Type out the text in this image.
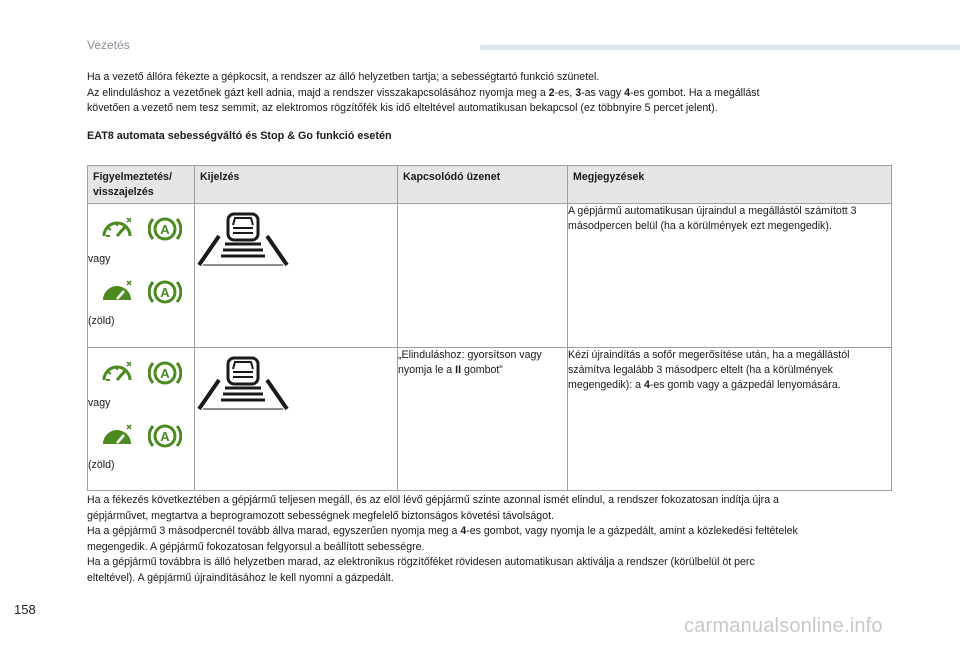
Vezetés

Ha a vezető állóra fékezte a gépkocsit, a rendszer az álló helyzetben tartja; a sebességtartó funkció szünetel.
Az elinduláshoz a vezetőnek gázt kell adnia, majd a rendszer visszakapcsolásához nyomja meg a 2-es, 3-as vagy 4-es gombot. Ha a megállást
követően a vezető nem tesz semmit, az elektromos rögzítőfék kis idő elteltével automatikusan bekapcsol (ez többnyire 5 percet jelent).

EAT8 automata sebességváltó és Stop & Go funkció esetén

Figyelmeztetés/
visszajelzés	Kijelzés	Kapcsolódó üzenet	Megjegyzések

A
vagy
A
(zöld)			A gépjármű automatikusan újraindul a megállástól számított 3 másodpercen belül (ha a körülmények ezt megengedik).

A
vagy
A
(zöld)		„Elinduláshoz: gyorsítson vagy nyomja le a II gombot”	Kézi újraindítás a sofőr megerősítése után, ha a megállástól számítva legalább 3 másodperc eltelt (ha a körülmények megengedik): a 4-es gomb vagy a gázpedál lenyomására.

Ha a fékezés következtében a gépjármű teljesen megáll, és az elöl lévő gépjármű szinte azonnal ismét elindul, a rendszer fokozatosan indítja újra a
gépjárművet, megtartva a beprogramozott sebességnek megfelelő biztonságos követési távolságot.
Ha a gépjármű 3 másodpercnél tovább állva marad, egyszerűen nyomja meg a 4-es gombot, vagy nyomja le a gázpedált, amint a közlekedési feltételek
megengedik. A gépjármű fokozatosan felgyorsul a beállított sebességre.
Ha a gépjármű továbbra is álló helyzetben marad, az elektronikus rögzítőféket rövidesen automatikusan aktiválja a rendszer (körülbelül öt perc
elteltével). A gépjármű újraindításához le kell nyomni a gázpedált.

158
carmanualsonline.info
